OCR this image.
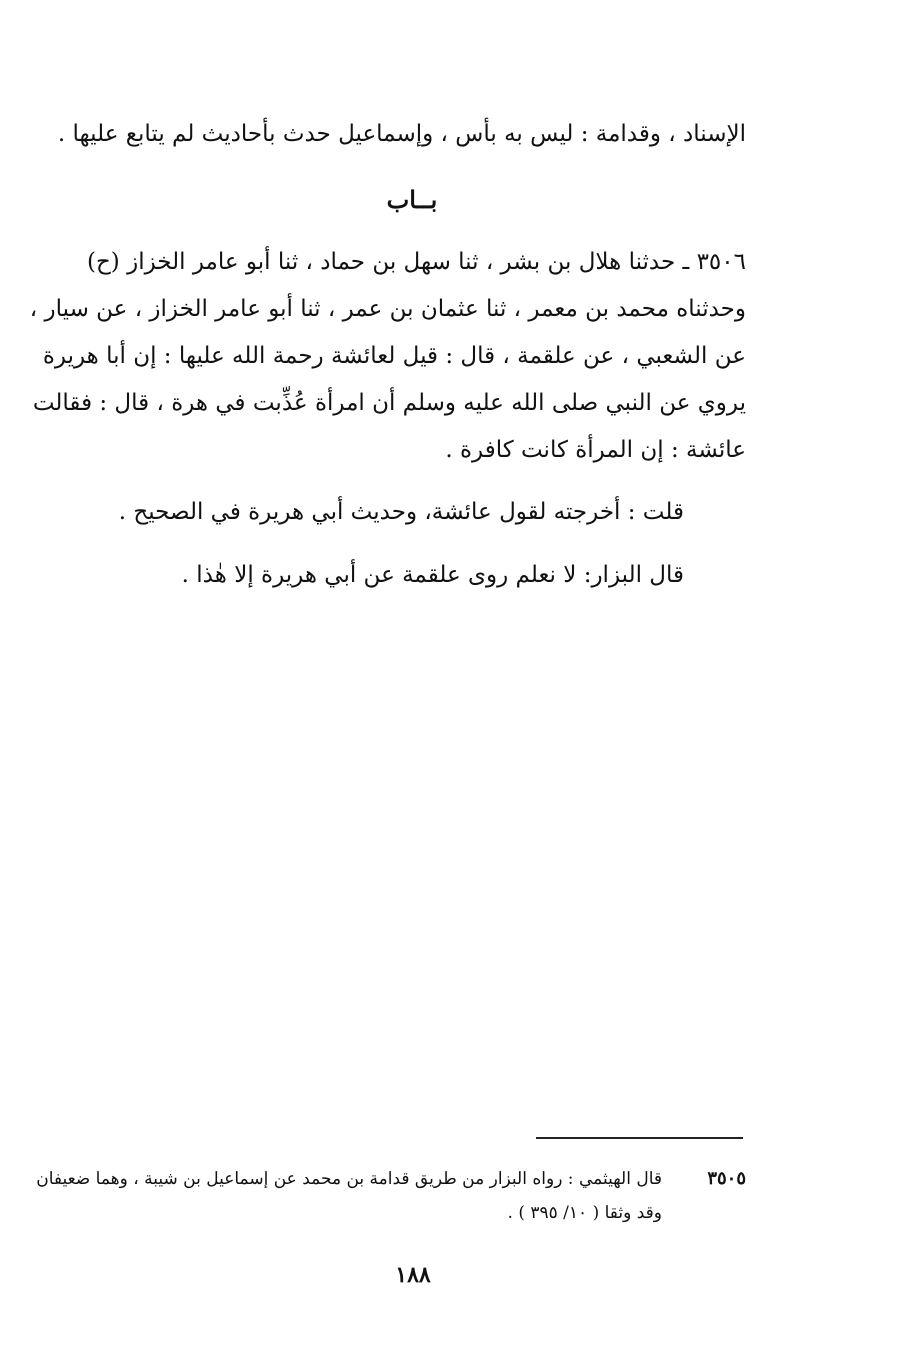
الإسناد ، وقدامة : ليس به بأس ، وإسماعيل حدث بأحاديث لم يتابع عليها .
بــاب
٣٥٠٦ ـ حدثنا هلال بن بشر ، ثنا سهل بن حماد ، ثنا أبو عامر الخزاز (ح)
وحدثناه محمد بن معمر ، ثنا عثمان بن عمر ، ثنا أبو عامر الخزاز ، عن سيار ،
عن الشعبي ، عن علقمة ، قال : قيل لعائشة رحمة الله عليها : إن أبا هريرة
يروي عن النبي صلى الله عليه وسلم أن امرأة عُذِّبت في هرة ، قال : فقالت
عائشة : إن المرأة كانت كافرة .
قلت : أخرجته لقول عائشة، وحديث أبي هريرة في الصحيح .
قال البزار: لا نعلم روى علقمة عن أبي هريرة إلا هٰذا .
٣٥٠٥
قال الهيثمي : رواه البزار من طريق قدامة بن محمد عن إسماعيل بن شيبة ، وهما ضعيفان
وقد وثقا ( ١٠/ ٣٩٥ ) .
١٨٨
